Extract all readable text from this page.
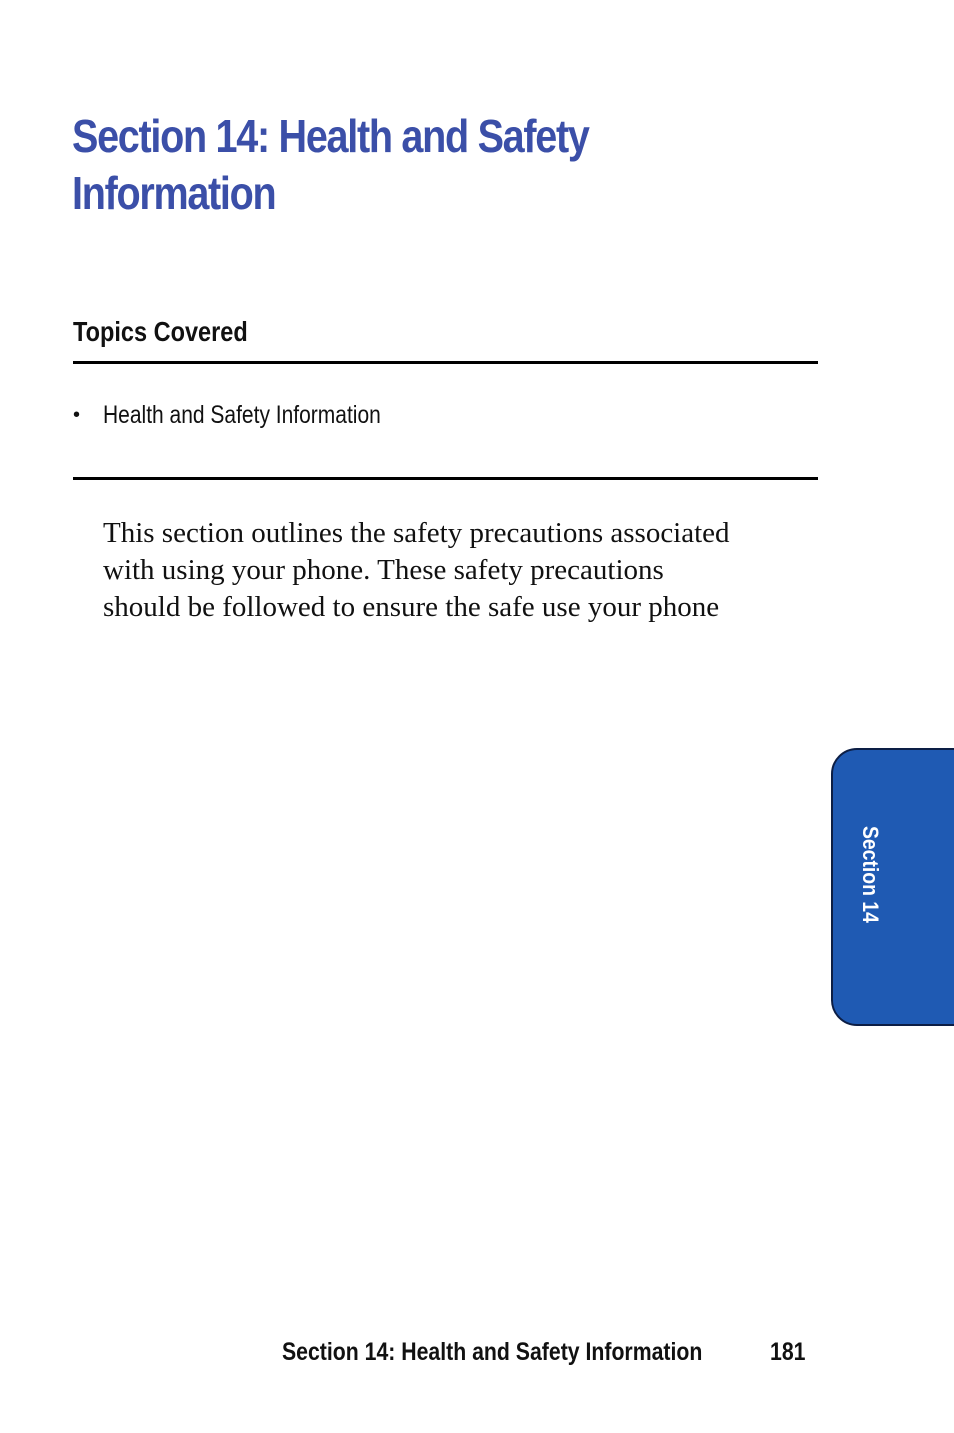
Section 14: Health and Safety
Information
Topics Covered
• Health and Safety Information

This section outlines the safety precautions associated
with using your phone. These safety precautions
should be followed to ensure the safe use your phone

Section 14
Section 14: Health and Safety Information	181
